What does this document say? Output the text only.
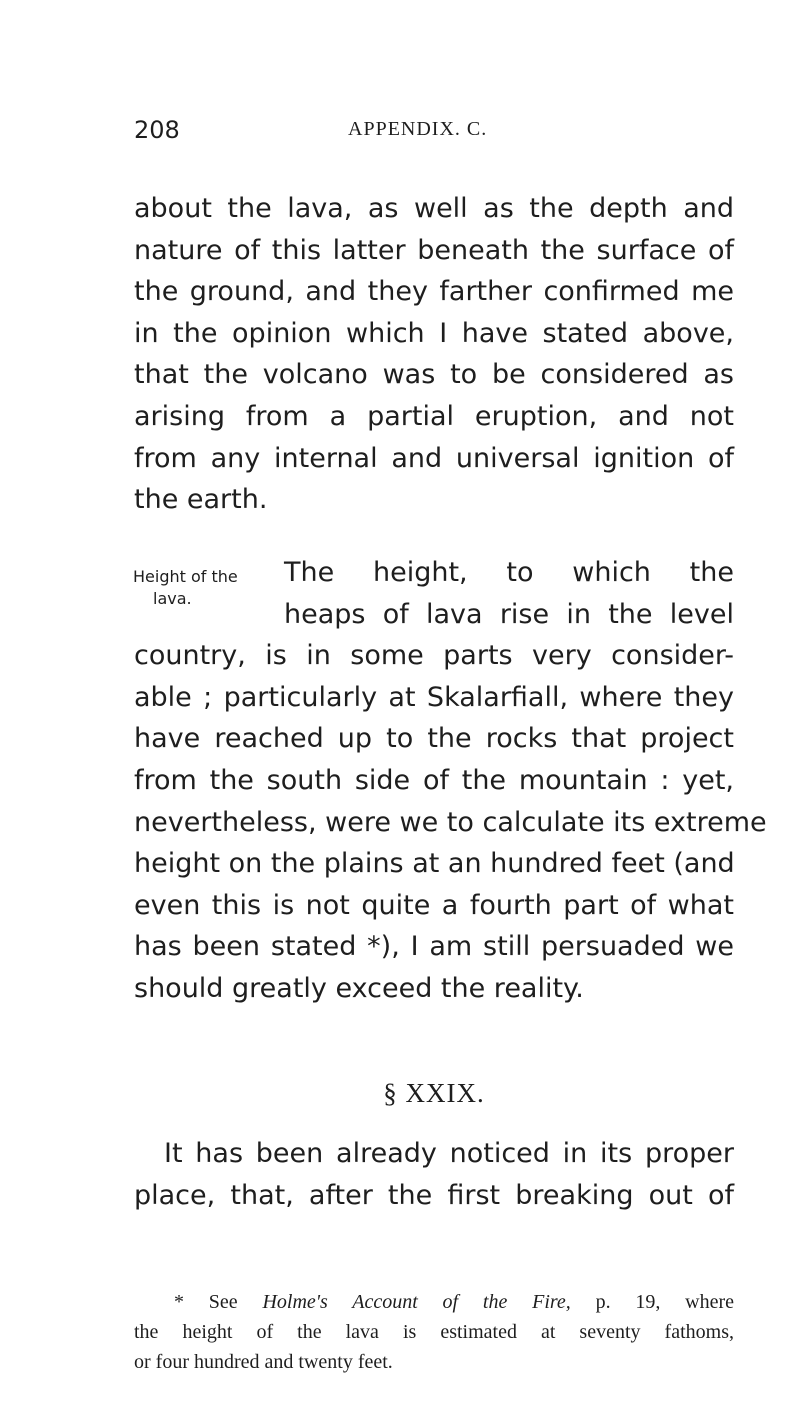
208	APPENDIX. C.

about the lava, as well as the depth and
nature of this latter beneath the surface of
the ground, and they farther confirmed me
in the opinion which I have stated above,
that the volcano was to be considered as
arising from a partial eruption, and not
from any internal and universal ignition of
the earth.

Height of the
lava.

The height, to which the
heaps of lava rise in the level
country, is in some parts very consider-
able ; particularly at Skalarfiall, where they
have reached up to the rocks that project
from the south side of the mountain : yet,
nevertheless, were we to calculate its extreme
height on the plains at an hundred feet (and
even this is not quite a fourth part of what
has been stated *), I am still persuaded we
should greatly exceed the reality.

§ XXIX.

It has been already noticed in its proper
place, that, after the first breaking out of

* See Holme's Account of the Fire, p. 19, where
the height of the lava is estimated at seventy fathoms,
or four hundred and twenty feet.
